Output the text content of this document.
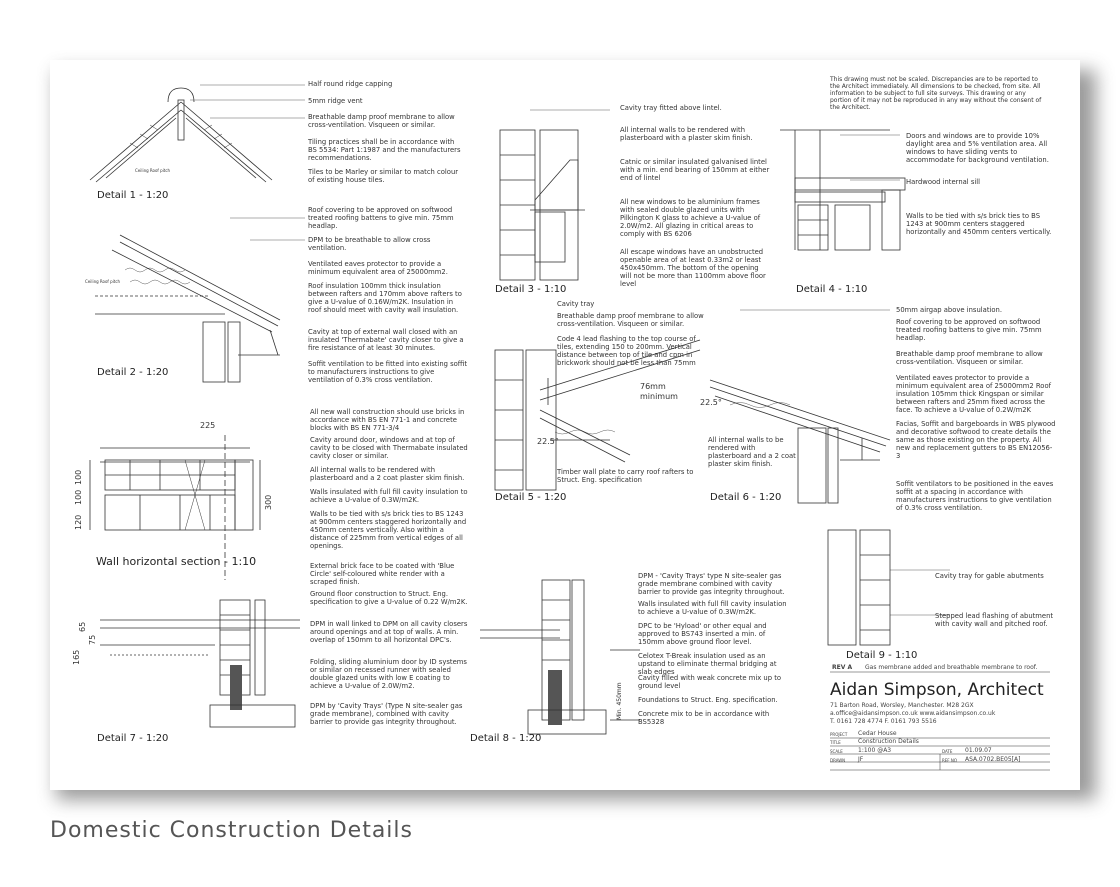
This drawing must not be scaled. Discrepancies are to be reported to the Architect immediately. All dimensions to be checked, from site. All information to be subject to full site surveys. This drawing or any portion of it may not be reproduced in any way without the consent of the Architect.
Half round ridge capping
5mm ridge vent
Breathable damp proof membrane to allow cross-ventilation. Visqueen or similar.
Tiling practices shall be in accordance with BS 5534: Part 1:1987 and the manufacturers recommendations.
Tiles to be Marley or similar to match colour of existing house tiles.
Ceiling Roof pitch
Detail 1 - 1:20
Roof covering to be approved on softwood treated roofing battens to give min. 75mm headlap.
DPM to be breathable to allow cross ventilation.
Ventilated eaves protector to provide a minimum equivalent area of 25000mm2.
Roof insulation 100mm thick insulation between rafters and 170mm above rafters to give a U-value of 0.16W/m2K. Insulation in roof should meet with cavity wall insulation.
Cavity at top of external wall closed with an insulated 'Thermabate' cavity closer to give a fire resistance of at least 30 minutes.
Soffit ventilation to be fitted into existing soffit to manufacturers instructions to give ventilation of 0.3% cross ventilation.
Ceiling Roof pitch
Detail 2 - 1:20
225
100
100
120
300
All new wall construction should use bricks in accordance with BS EN 771-1 and concrete blocks with BS EN 771-3/4
Cavity around door, windows and at top of cavity to be closed with Thermabate insulated cavity closer or similar.
All internal walls to be rendered with plasterboard and a 2 coat plaster skim finish.
Walls insulated with full fill cavity insulation to achieve a U-value of 0.3W/m2K.
Walls to be tied with s/s brick ties to BS 1243 at 900mm centers staggered horizontally and 450mm centers vertically. Also within a distance of 225mm from vertical edges of all openings.
Wall horizontal section - 1:10
Cavity tray fitted above lintel.
All internal walls to be rendered with plasterboard with a plaster skim finish.
Catnic or similar insulated galvanised lintel with a min. end bearing of 150mm at either end of lintel
All new windows to be aluminium frames with sealed double glazed units with Pilkington K glass to achieve a U-value of 2.0W/m2. All glazing in critical areas to comply with BS 6206
All escape windows have an unobstructed openable area of at least 0.33m2 or least 450x450mm. The bottom of the opening will not be more than 1100mm above floor level
Detail 3 - 1:10
Doors and windows are to provide 10% daylight area and 5% ventilation area. All windows to have sliding vents to accommodate for background ventilation.
Hardwood internal sill
Walls to be tied with s/s brick ties to BS 1243 at 900mm centers staggered horizontally and 450mm centers vertically.
Detail 4 - 1:10
Cavity tray
Breathable damp proof membrane to allow cross-ventilation. Visqueen or similar.
Code 4 lead flashing to the top course of tiles, extending 150 to 200mm. Vertical distance between top of tile and cpm in brickwork should not be less than 75mm
Timber wall plate to carry roof rafters to Struct. Eng. specification
76mm
minimum
22.5°
Detail 5 - 1:20
50mm airgap above insulation.
Roof covering to be approved on softwood treated roofing battens to give min. 75mm headlap.
Breathable damp proof membrane to allow cross-ventilation. Visqueen or similar.
Ventilated eaves protector to provide a minimum equivalent area of 25000mm2 Roof insulation 105mm thick Kingspan or similar between rafters and 25mm fixed across the face. To achieve a U-value of 0.2W/m2K
Facias, Soffit and bargeboards in WBS plywood and decorative softwood to create details the same as those existing on the property. All new and replacement gutters to BS EN12056-3
Soffit ventilators to be positioned in the eaves soffit at a spacing in accordance with manufacturers instructions to give ventilation of 0.3% cross ventilation.
All internal walls to be rendered with plasterboard and a 2 coat plaster skim finish.
22.5°
Detail 6 - 1:20
65
75
165
External brick face to be coated with 'Blue Circle' self-coloured white render with a scraped finish.
Ground floor construction to Struct. Eng. specification to give a U-value of 0.22 W/m2K.
DPM in wall linked to DPM on all cavity closers around openings and at top of walls. A min. overlap of 150mm to all horizontal DPC's.
Folding, sliding aluminium door by ID systems or similar on recessed runner with sealed double glazed units with low E coating to achieve a U-value of 2.0W/m2.
DPM by 'Cavity Trays' (Type N site-sealer gas grade membrane), combined with cavity barrier to provide gas integrity throughout.
Detail 7 - 1:20
Min. 450mm
DPM - 'Cavity Trays' type N site-sealer gas grade membrane combined with cavity barrier to provide gas integrity throughout.
Walls insulated with full fill cavity insulation to achieve a U-value of 0.3W/m2K.
DPC to be 'Hyload' or other equal and approved to BS743 inserted a min. of 150mm above ground floor level.
Celotex T-Break insulation used as an upstand to eliminate thermal bridging at slab edges
Cavity filled with weak concrete mix up to ground level
Foundations to Struct. Eng. specification.
Concrete mix to be in accordance with BS5328
Detail 8 - 1:20
Cavity tray for gable abutments
Stepped lead flashing of abutment with cavity wall and pitched roof.
Detail 9 - 1:10
REV A Gas membrane added and breathable membrane to roof.
Aidan Simpson, Architect
71 Barton Road, Worsley, Manchester. M28 2GX
a.office@aidansimpson.co.uk www.aidansimpson.co.uk
T. 0161 728 4774 F. 0161 793 5516
PROJECT Cedar House
TITLE	Construction Details
SCALE	1:100 @A3	DATE 01.09.07
DRAWN JF	REF NO ASA.0702.BE05[A]
Domestic Construction Details
